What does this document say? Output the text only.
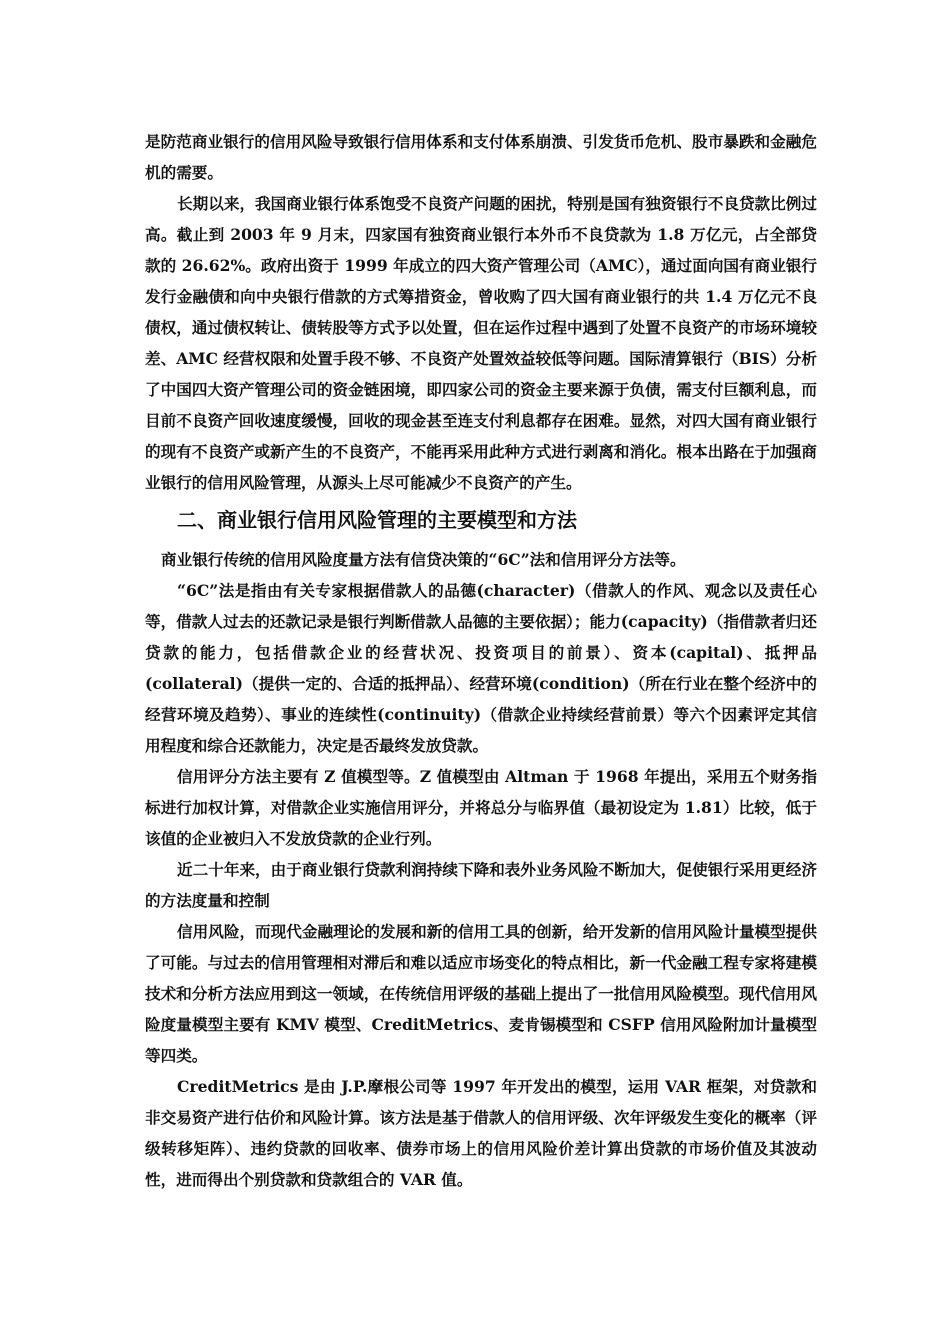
是防范商业银行的信用风险导致银行信用体系和支付体系崩溃、引发货币危机、股市暴跌和金融危机的需要。

长期以来，我国商业银行体系饱受不良资产问题的困扰，特别是国有独资银行不良贷款比例过高。截止到 2003 年 9 月末，四家国有独资商业银行本外币不良贷款为 1.8 万亿元，占全部贷款的 26.62%。政府出资于 1999 年成立的四大资产管理公司（AMC），通过面向国有商业银行发行金融债和向中央银行借款的方式筹措资金，曾收购了四大国有商业银行的共 1.4 万亿元不良债权，通过债权转让、债转股等方式予以处置，但在运作过程中遇到了处置不良资产的市场环境较差、AMC 经营权限和处置手段不够、不良资产处置效益较低等问题。国际清算银行（BIS）分析了中国四大资产管理公司的资金链困境，即四家公司的资金主要来源于负债，需支付巨额利息，而目前不良资产回收速度缓慢，回收的现金甚至连支付利息都存在困难。显然，对四大国有商业银行的现有不良资产或新产生的不良资产，不能再采用此种方式进行剥离和消化。根本出路在于加强商业银行的信用风险管理，从源头上尽可能减少不良资产的产生。

二、商业银行信用风险管理的主要模型和方法

商业银行传统的信用风险度量方法有信贷决策的“6C”法和信用评分方法等。

“6C”法是指由有关专家根据借款人的品德(character)（借款人的作风、观念以及责任心等，借款人过去的还款记录是银行判断借款人品德的主要依据）；能力(capacity)（指借款者归还贷款的能力，包括借款企业的经营状况、投资项目的前景）、资本(capital)、抵押品(collateral)（提供一定的、合适的抵押品）、经营环境(condition)（所在行业在整个经济中的经营环境及趋势）、事业的连续性(continuity)（借款企业持续经营前景）等六个因素评定其信用程度和综合还款能力，决定是否最终发放贷款。

信用评分方法主要有 Z 值模型等。Z 值模型由 Altman 于 1968 年提出，采用五个财务指标进行加权计算，对借款企业实施信用评分，并将总分与临界值（最初设定为 1.81）比较，低于该值的企业被归入不发放贷款的企业行列。

近二十年来，由于商业银行贷款利润持续下降和表外业务风险不断加大，促使银行采用更经济的方法度量和控制

信用风险，而现代金融理论的发展和新的信用工具的创新，给开发新的信用风险计量模型提供了可能。与过去的信用管理相对滞后和难以适应市场变化的特点相比，新一代金融工程专家将建模技术和分析方法应用到这一领域，在传统信用评级的基础上提出了一批信用风险模型。现代信用风险度量模型主要有 KMV 模型、CreditMetrics、麦肯锡模型和 CSFP 信用风险附加计量模型等四类。

CreditMetrics 是由 J.P.摩根公司等 1997 年开发出的模型，运用 VAR 框架，对贷款和非交易资产进行估价和风险计算。该方法是基于借款人的信用评级、次年评级发生变化的概率（评级转移矩阵）、违约贷款的回收率、债券市场上的信用风险价差计算出贷款的市场价值及其波动性，进而得出个别贷款和贷款组合的 VAR 值。
